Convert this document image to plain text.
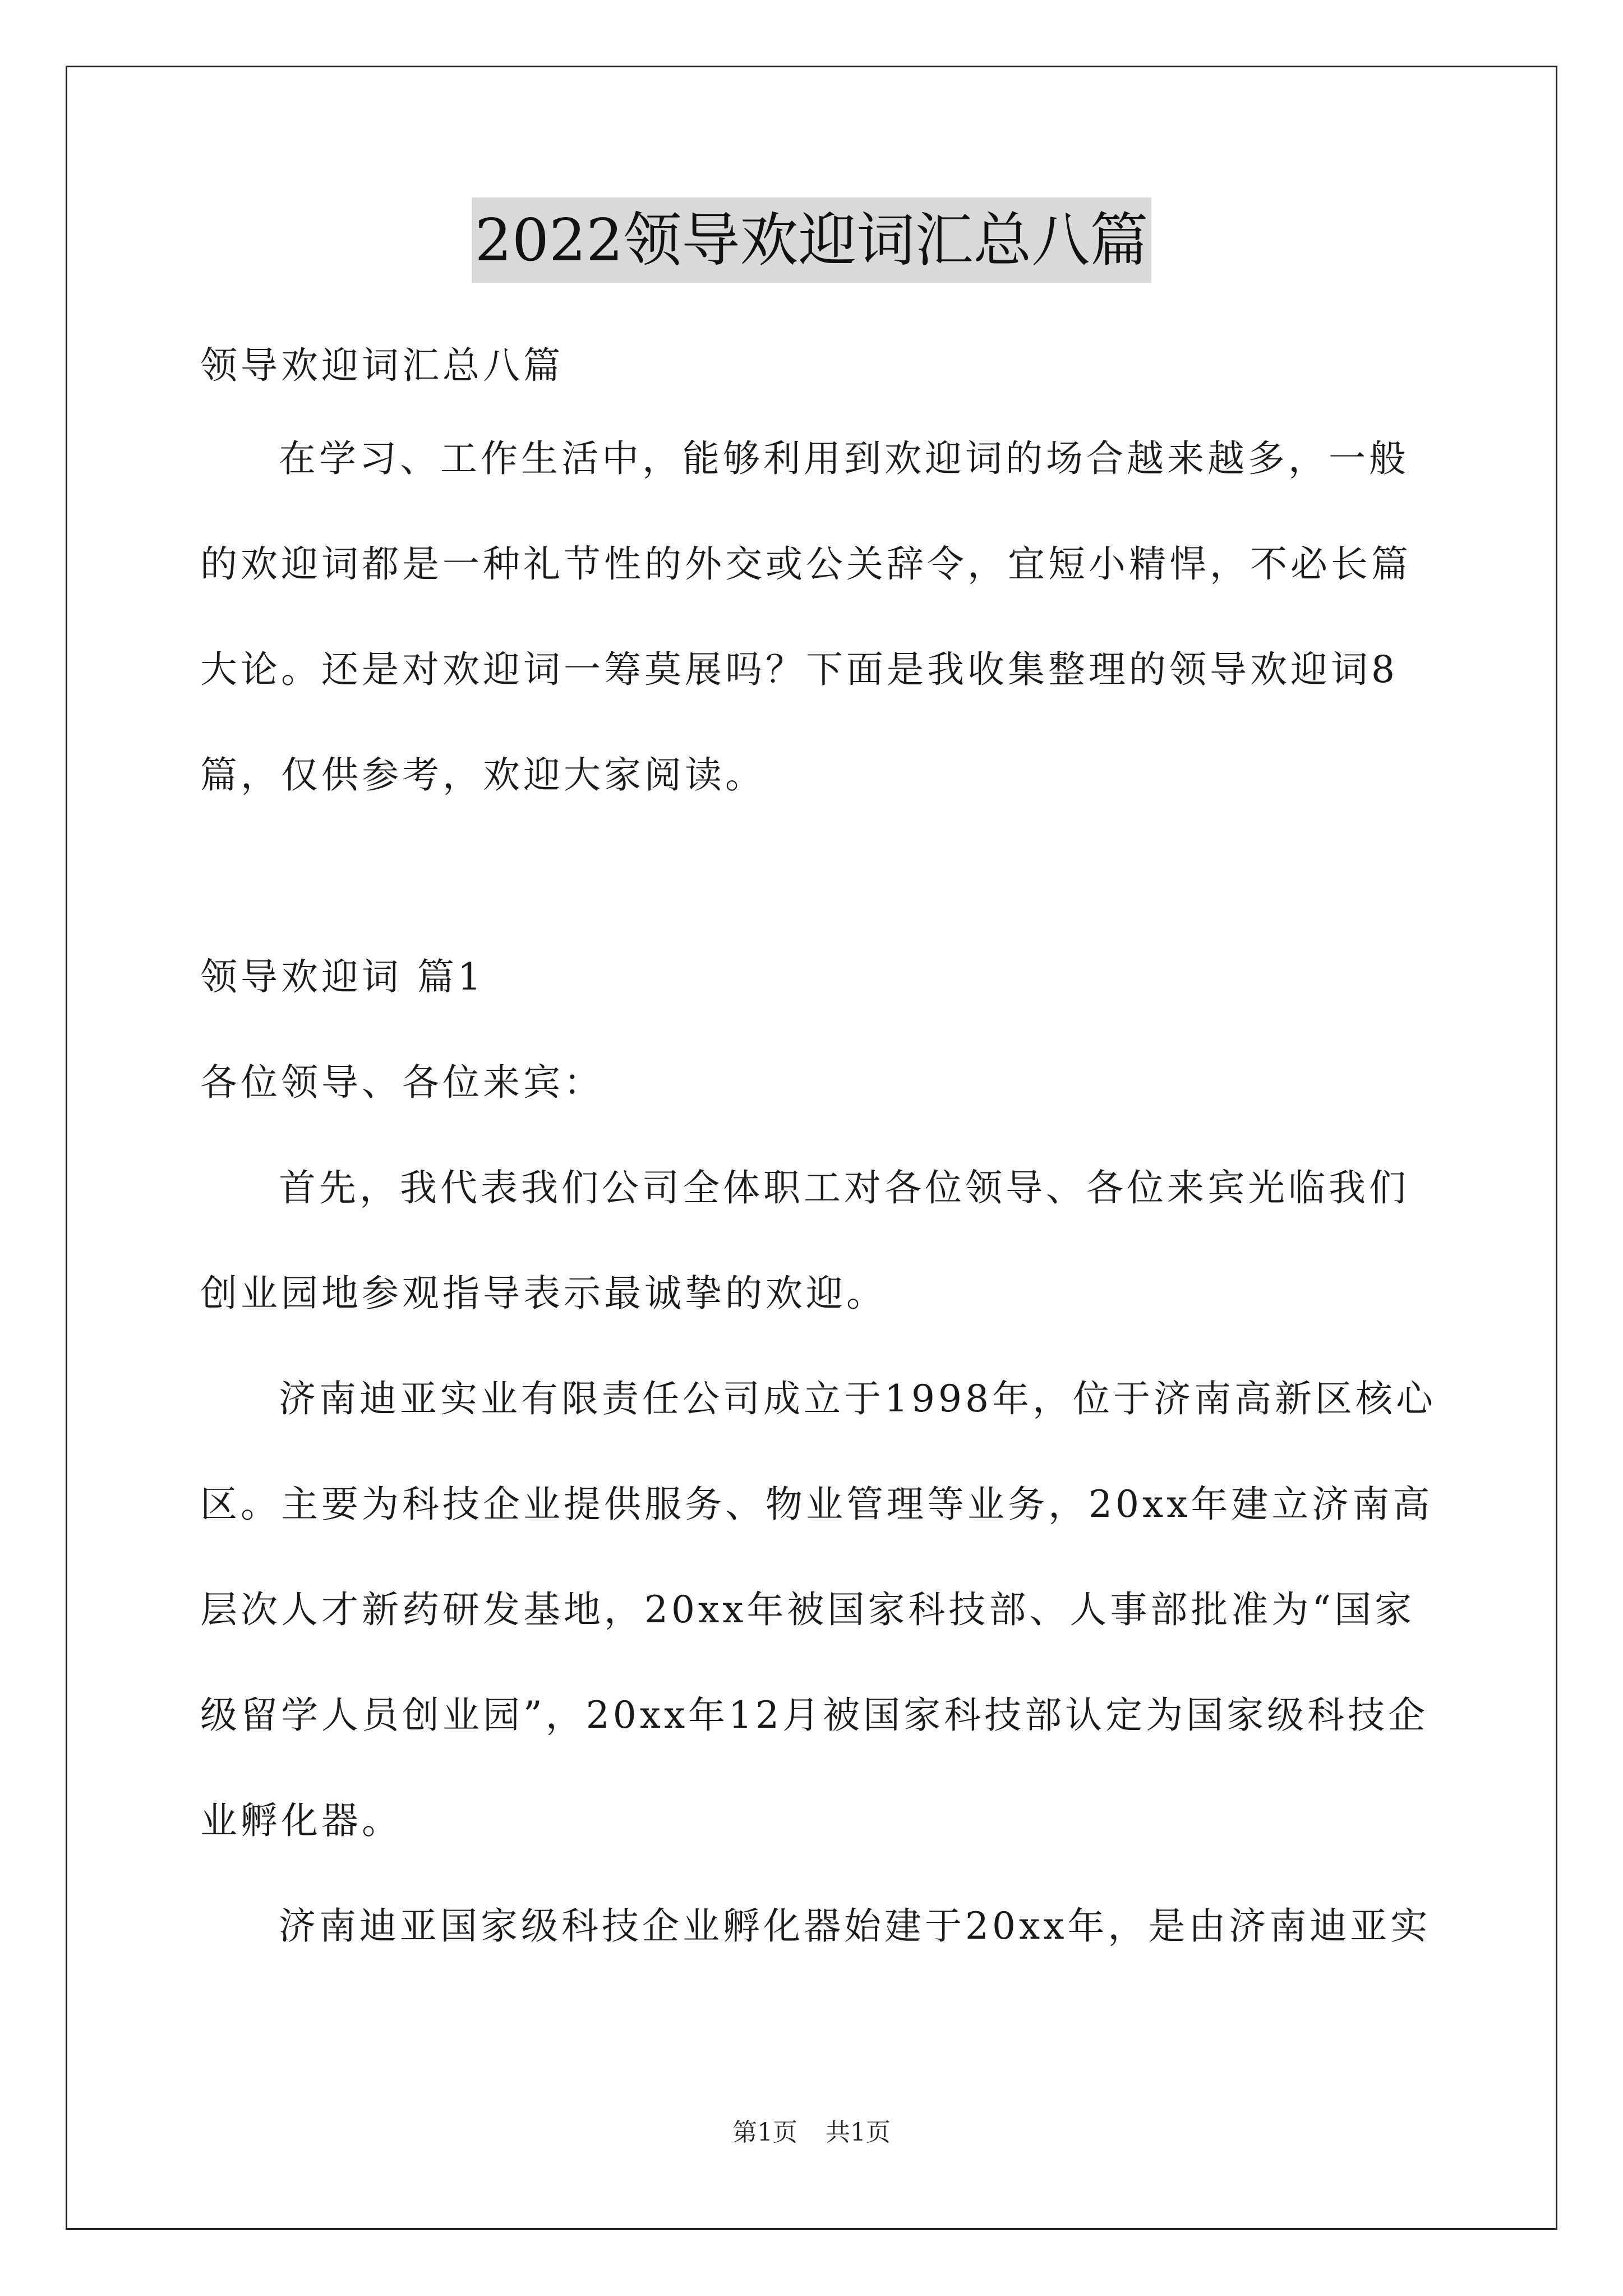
2022领导欢迎词汇总八篇
领导欢迎词汇总八篇
在学习、工作生活中，能够利用到欢迎词的场合越来越多，一般
的欢迎词都是一种礼节性的外交或公关辞令，宜短小精悍，不必长篇
大论。还是对欢迎词一筹莫展吗？下面是我收集整理的领导欢迎词8
篇，仅供参考，欢迎大家阅读。
领导欢迎词 篇1
各位领导、各位来宾：
首先，我代表我们公司全体职工对各位领导、各位来宾光临我们
创业园地参观指导表示最诚挚的欢迎。
济南迪亚实业有限责任公司成立于1998年，位于济南高新区核心
区。主要为科技企业提供服务、物业管理等业务，20xx年建立济南高
层次人才新药研发基地，20xx年被国家科技部、人事部批准为“国家
级留学人员创业园”，20xx年12月被国家科技部认定为国家级科技企
业孵化器。
济南迪亚国家级科技企业孵化器始建于20xx年，是由济南迪亚实
第1页 共1页
